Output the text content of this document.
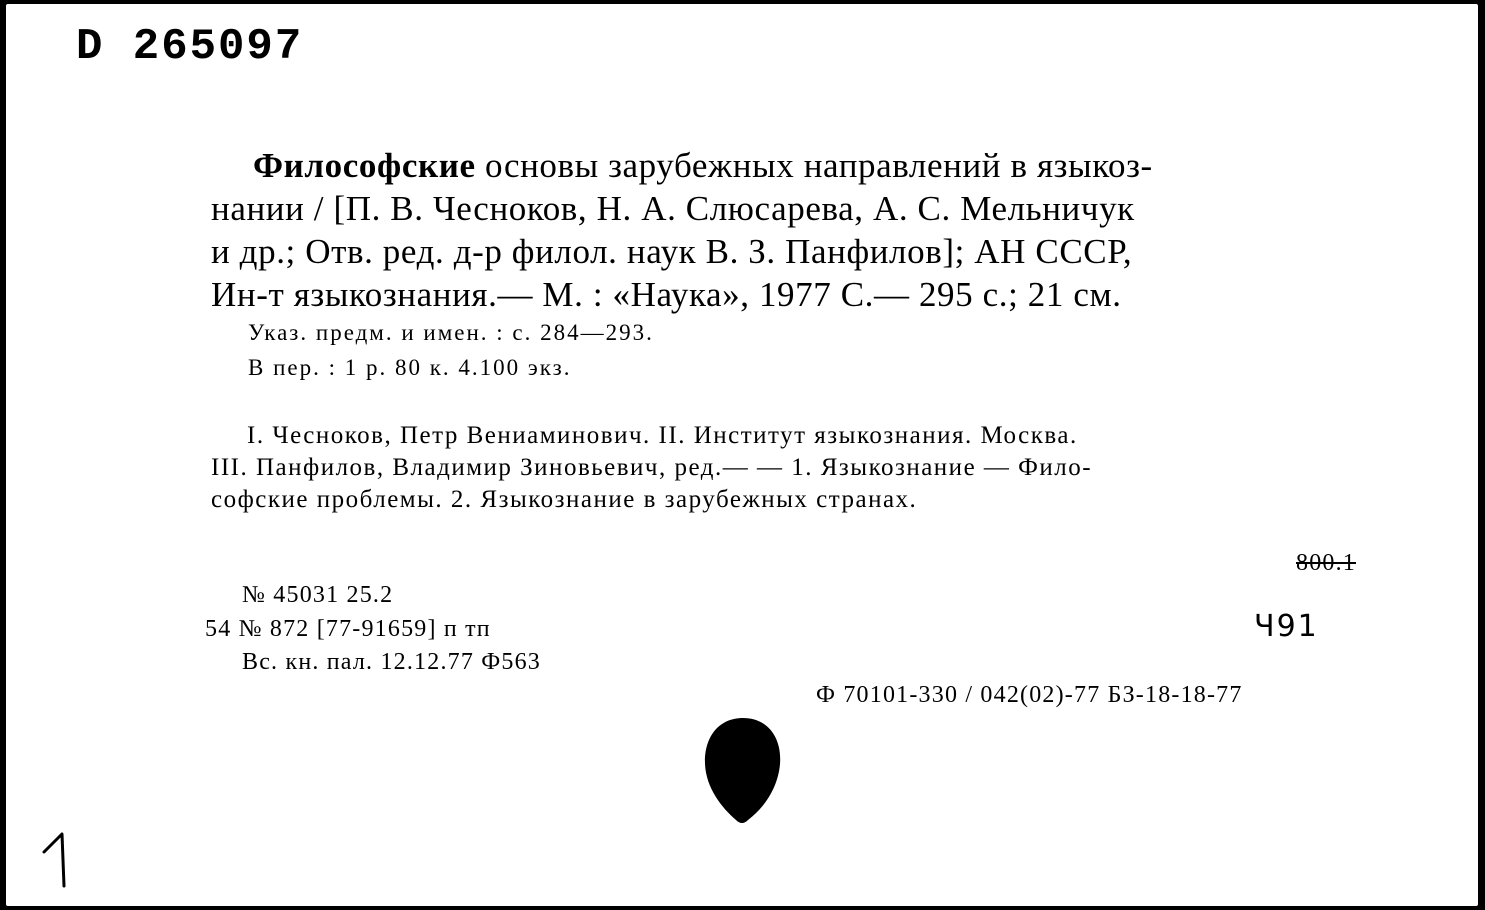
D 265097
Философские основы зарубежных направлений в языкоз-
нании / [П. В. Чесноков, Н. А. Слюсарева, А. С. Мельничук
и др.; Отв. ред. д-р филол. наук В. З. Панфилов]; АН СССР,
Ин-т языкознания.— М. : «Наука», 1977 С.— 295 с.; 21 см.
Указ. предм. и имен. : с. 284—293.
В пер. : 1 р. 80 к. 4.100 экз.
I. Чесноков, Петр Вениаминович. II. Институт языкознания. Москва.
III. Панфилов, Владимир Зиновьевич, ред.— — 1. Языкознание — Фило-
софские проблемы. 2. Языкознание в зарубежных странах.
800.1
Ч91
№ 45031 25.2
54 № 872 [77-91659] п тп
Вс. кн. пал. 12.12.77 Ф563
Ф 70101-330 / 042(02)-77 БЗ-18-18-77
